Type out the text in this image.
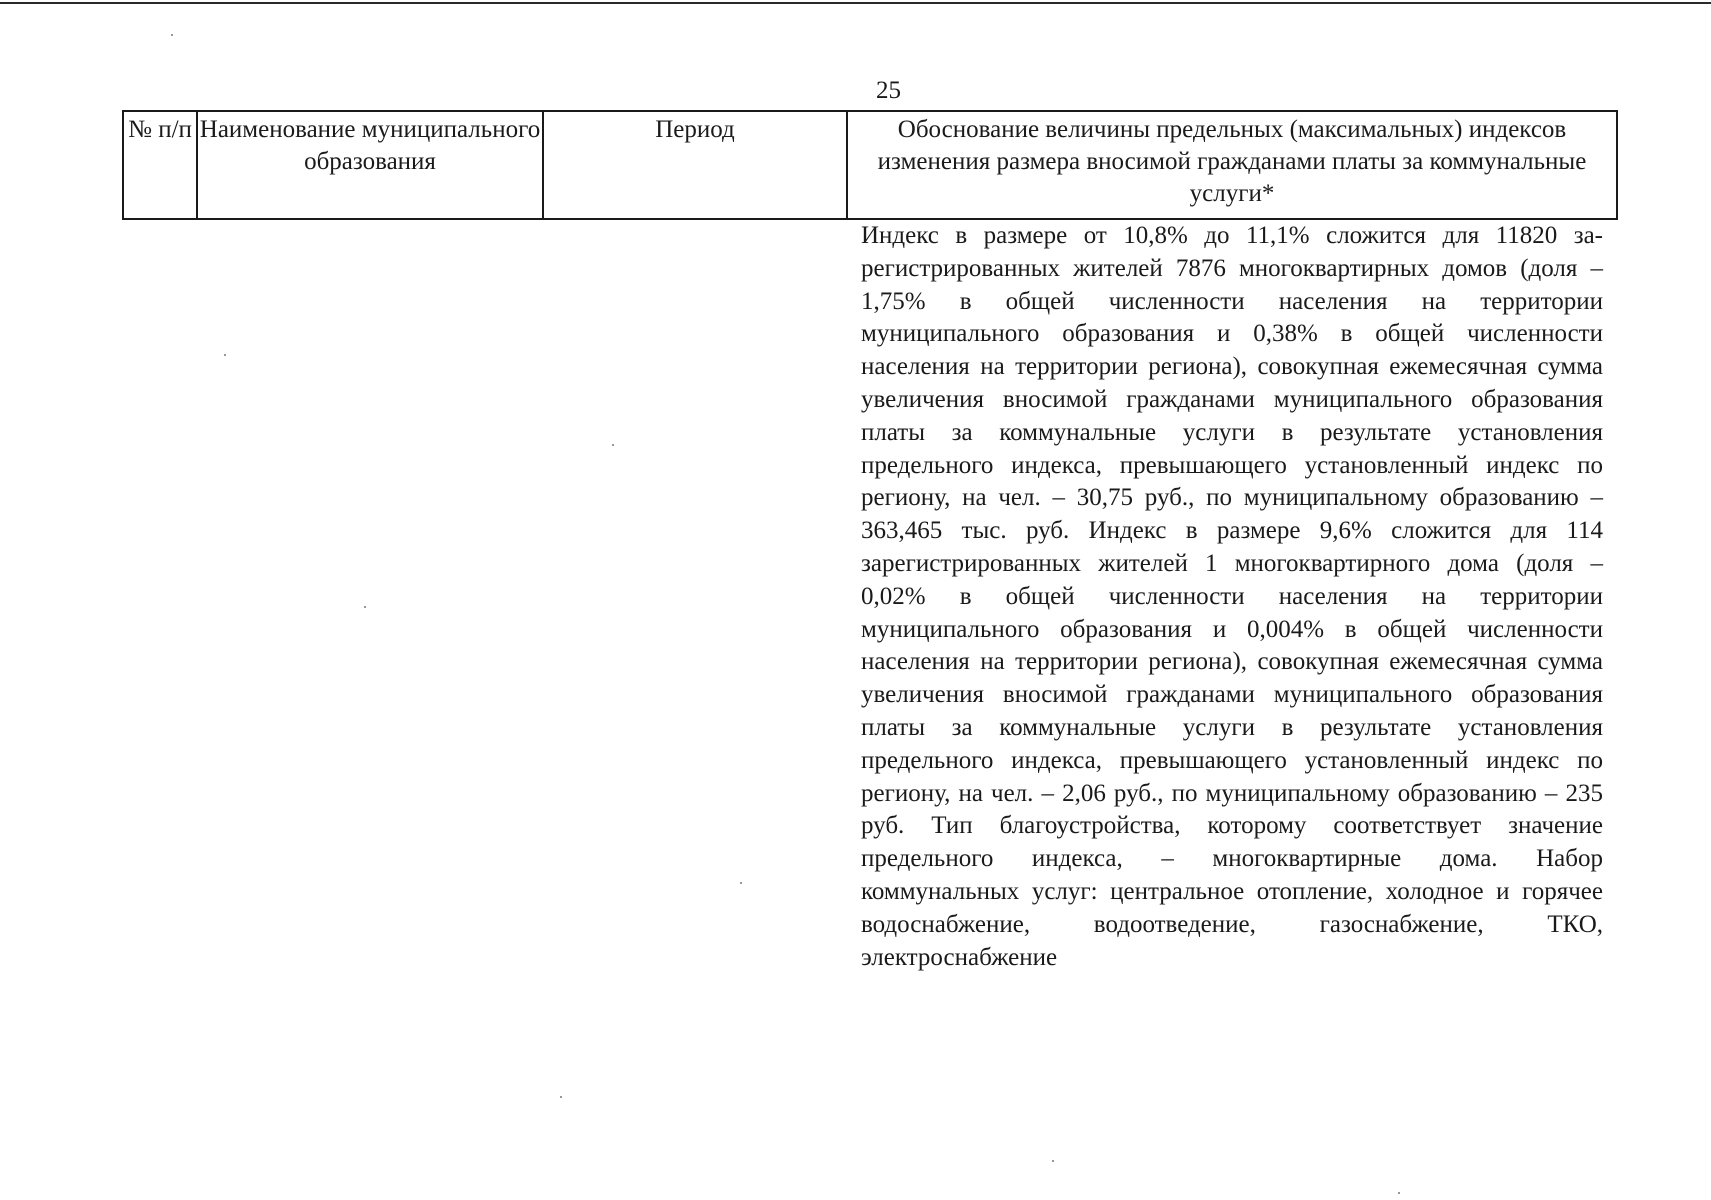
25
№ п/п Наименование муниципального образования
Период	Обоснование величины предельных (максимальных) индексов изменения размера вносимой гражданами платы за коммунальные услуги*

Индекс в размере от 10,8% до 11,1% сложится для 11820 зарегистрированных жителей 7876 многоквартирных домов (доля – 1,75% в общей численности населения на территории муниципального образования и 0,38% в общей численности населения на территории региона), совокупная ежемесячная сумма увеличения вносимой гражданами муниципального образования платы за коммунальные услуги в результате установления предельного индекса, превышающего установленный индекс по региону, на чел. – 30,75 руб., по муниципальному образованию – 363,465 тыс. руб. Индекс в размере 9,6% сложится для 114 зарегистрированных жителей 1 многоквартирного дома (доля – 0,02% в общей численности населения на территории муниципального образования и 0,004% в общей численности населения на территории региона), совокупная ежемесячная сумма увеличения вносимой гражданами муниципального образования платы за коммунальные услуги в результате установления предельного индекса, превышающего установленный индекс по региону, на чел. – 2,06 руб., по муниципальному образованию – 235 руб. Тип благоустройства, которому соответствует значение предельного индекса, – многоквартирные дома. Набор коммунальных услуг: центральное отопление, холодное и горячее водоснабжение, водоотведение, газоснабжение, ТКО, электроснабжение
